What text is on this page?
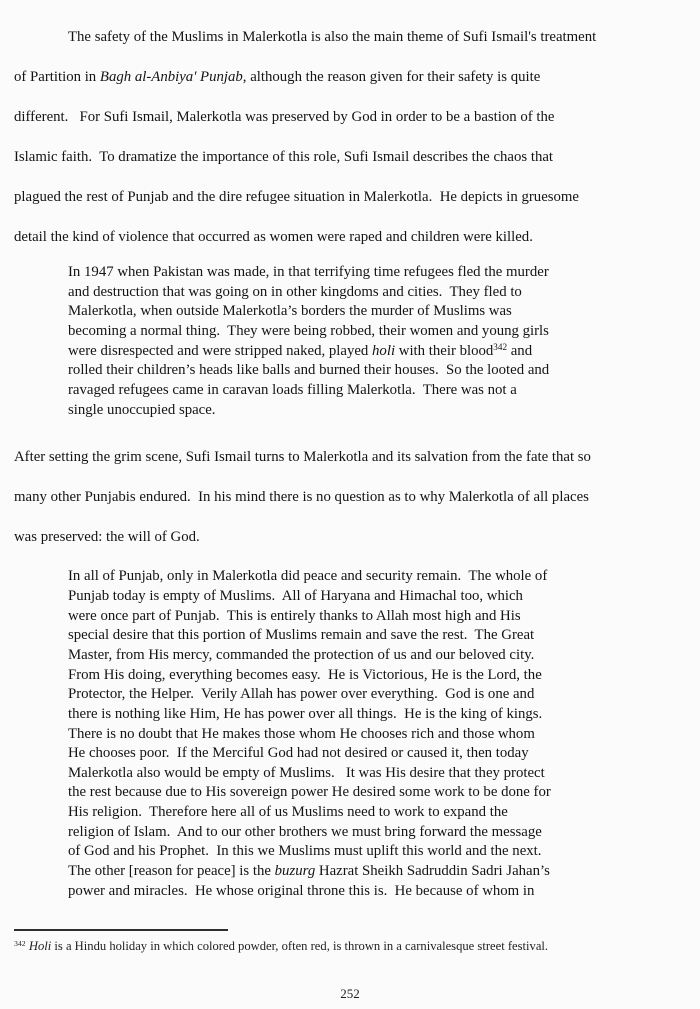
The safety of the Muslims in Malerkotla is also the main theme of Sufi Ismail's treatment
of Partition in Bagh al-Anbiya' Punjab, although the reason given for their safety is quite
different.   For Sufi Ismail, Malerkotla was preserved by God in order to be a bastion of the
Islamic faith.  To dramatize the importance of this role, Sufi Ismail describes the chaos that
plagued the rest of Punjab and the dire refugee situation in Malerkotla.  He depicts in gruesome
detail the kind of violence that occurred as women were raped and children were killed.
In 1947 when Pakistan was made, in that terrifying time refugees fled the murder
and destruction that was going on in other kingdoms and cities.  They fled to
Malerkotla, when outside Malerkotla’s borders the murder of Muslims was
becoming a normal thing.  They were being robbed, their women and young girls
were disrespected and were stripped naked, played holi with their blood$^{342}$ and
rolled their children’s heads like balls and burned their houses.  So the looted and
ravaged refugees came in caravan loads filling Malerkotla.  There was not a
single unoccupied space.
After setting the grim scene, Sufi Ismail turns to Malerkotla and its salvation from the fate that so
many other Punjabis endured.  In his mind there is no question as to why Malerkotla of all places
was preserved: the will of God.
In all of Punjab, only in Malerkotla did peace and security remain.  The whole of
Punjab today is empty of Muslims.  All of Haryana and Himachal too, which
were once part of Punjab.  This is entirely thanks to Allah most high and His
special desire that this portion of Muslims remain and save the rest.  The Great
Master, from His mercy, commanded the protection of us and our beloved city.
From His doing, everything becomes easy.  He is Victorious, He is the Lord, the
Protector, the Helper.  Verily Allah has power over everything.  God is one and
there is nothing like Him, He has power over all things.  He is the king of kings.
There is no doubt that He makes those whom He chooses rich and those whom
He chooses poor.  If the Merciful God had not desired or caused it, then today
Malerkotla also would be empty of Muslims.   It was His desire that they protect
the rest because due to His sovereign power He desired some work to be done for
His religion.  Therefore here all of us Muslims need to work to expand the
religion of Islam.  And to our other brothers we must bring forward the message
of God and his Prophet.  In this we Muslims must uplift this world and the next.
The other [reason for peace] is the buzurg Hazrat Sheikh Sadruddin Sadri Jahan’s
power and miracles.  He whose original throne this is.  He because of whom in
$^{342}$ Holi is a Hindu holiday in which colored powder, often red, is thrown in a carnivalesque street festival.
252
